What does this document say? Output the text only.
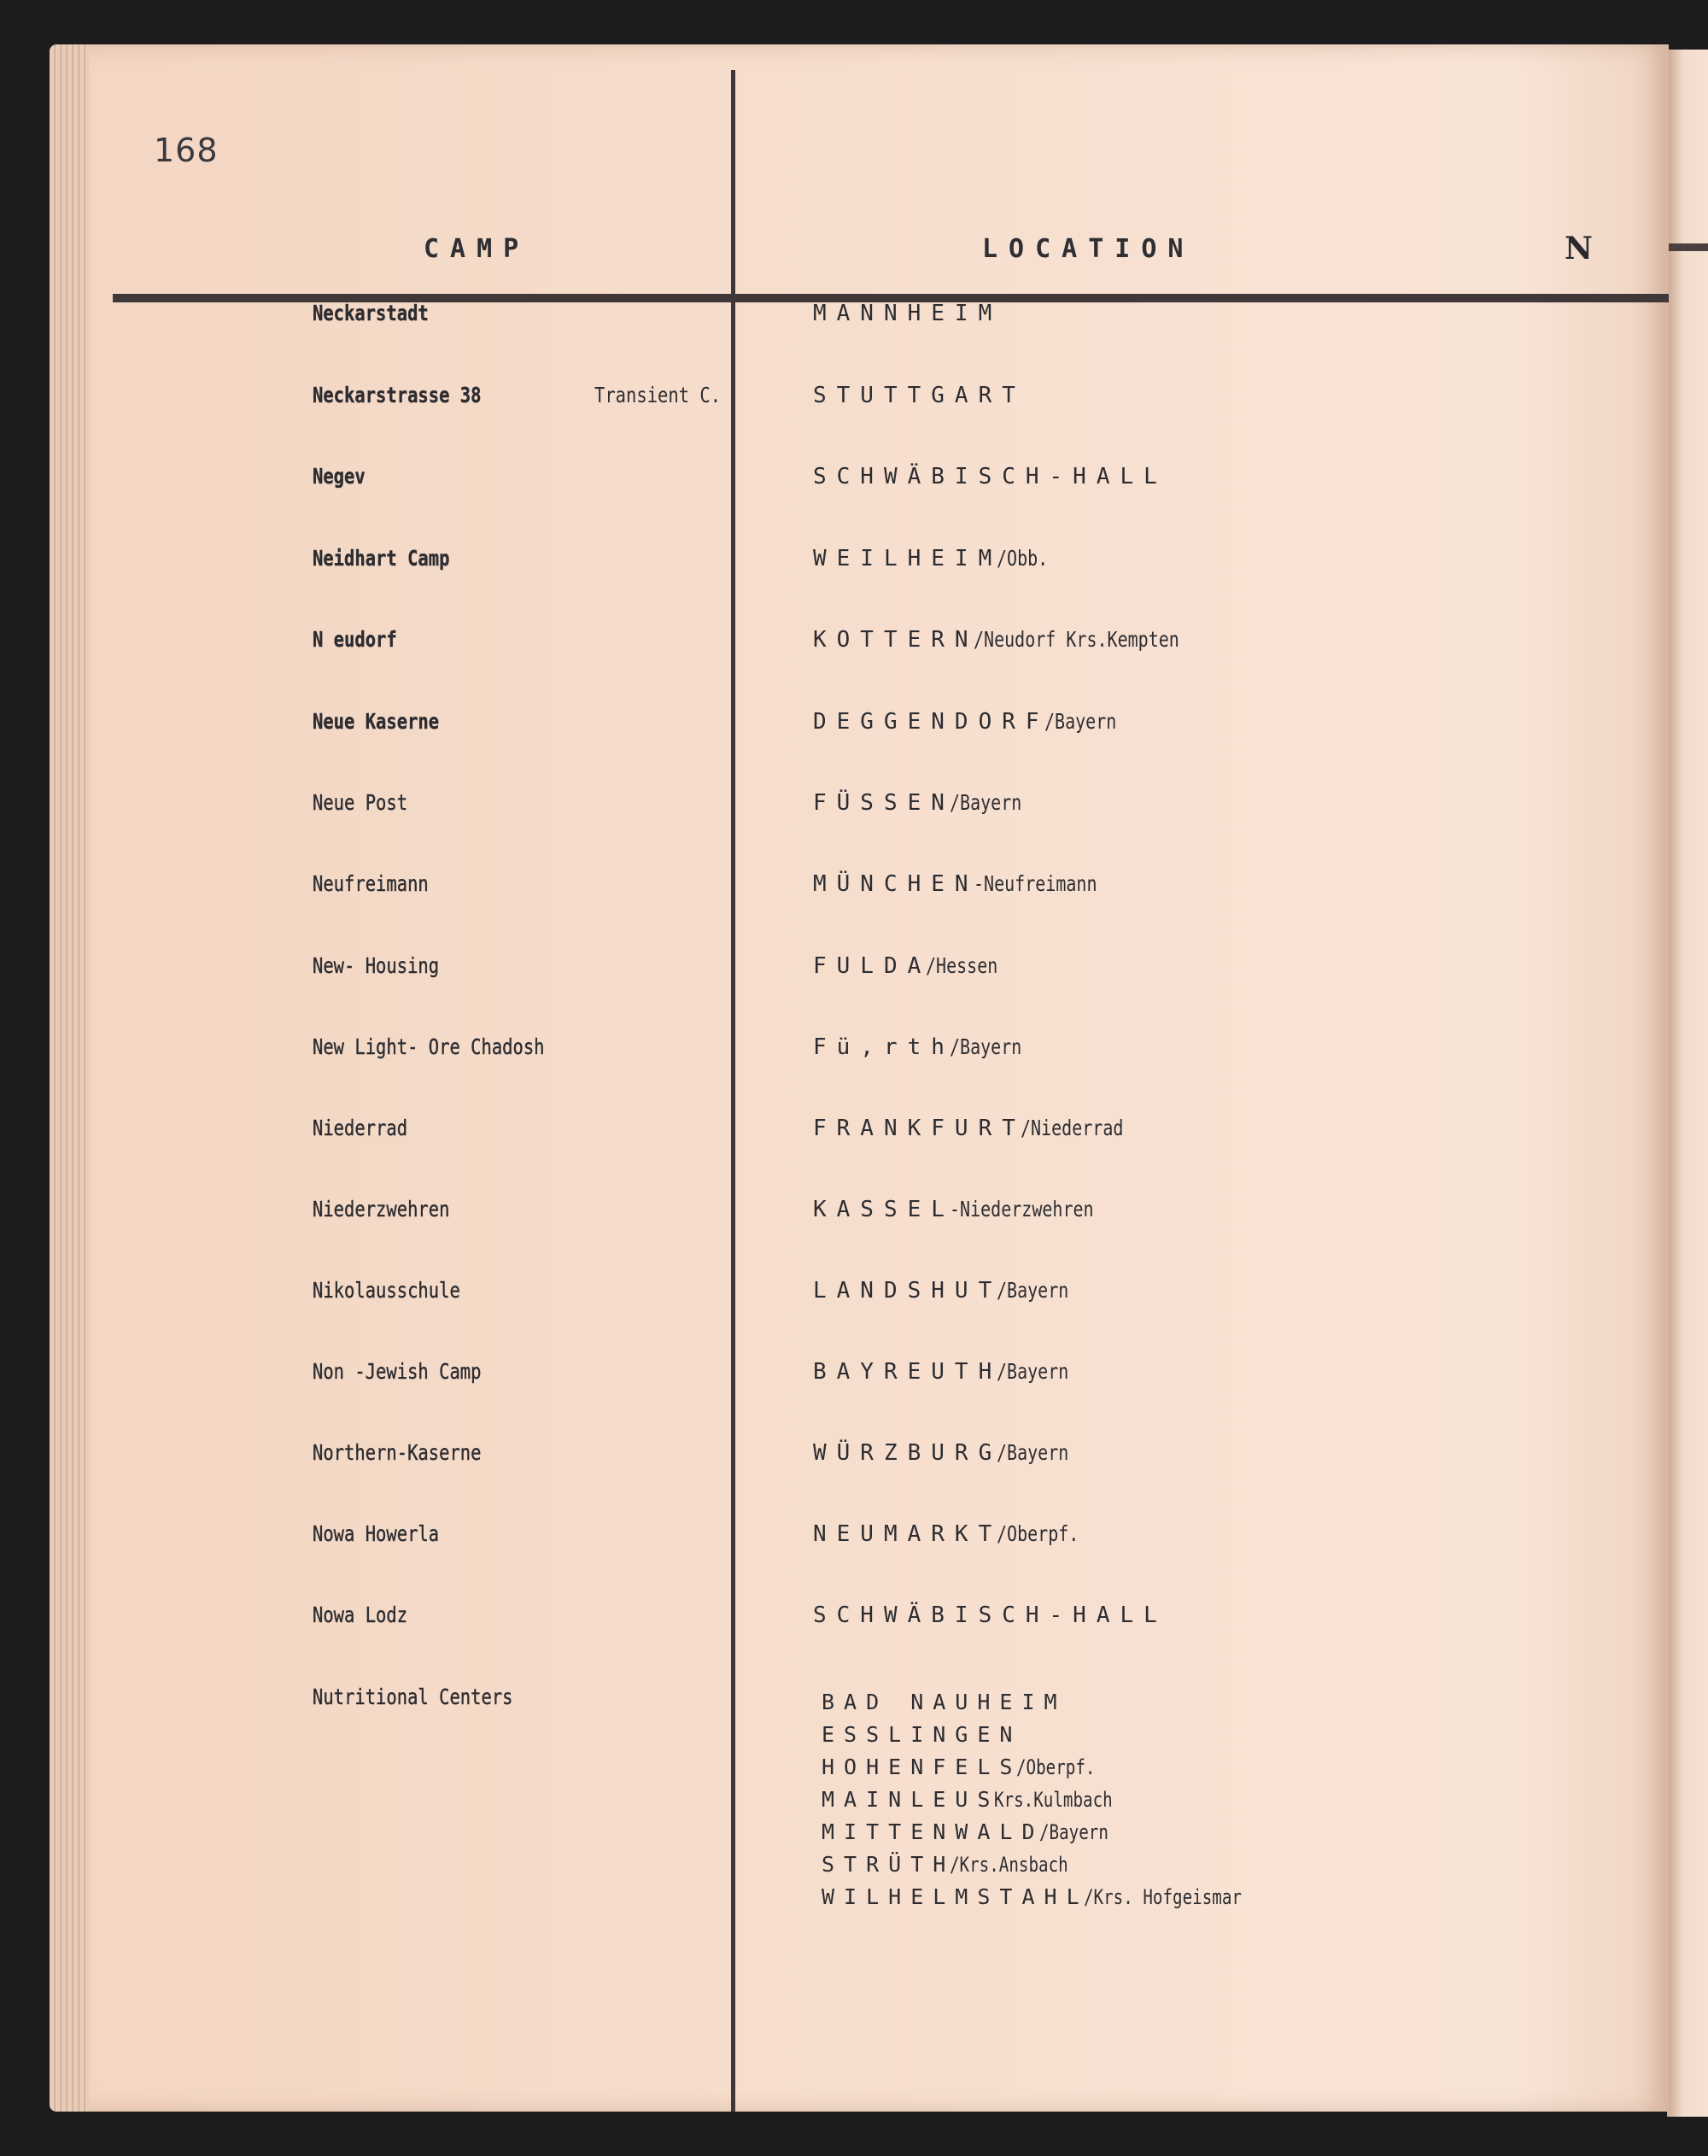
168
CAMP	LOCATION	N
Neckarstadt	MANNHEIM
Neckarstrasse 38	Transient C.	STUTTGART
Negev	SCHWÄBISCH-HALL
Neidhart Camp	WEILHEIM/Obb.
N eudorf	KOTTERN/Neudorf Krs.Kempten
Neue Kaserne	DEGGENDORF/Bayern
Neue Post	FÜSSEN/Bayern
Neufreimann	MÜNCHEN-Neufreimann
New- Housing	FULDA/Hessen
New Light- Ore Chadosh	Fü,rth/Bayern
Niederrad	FRANKFURT/Niederrad
Niederzwehren	KASSEL-Niederzwehren
Nikolausschule	LANDSHUT/Bayern
Non -Jewish Camp	BAYREUTH/Bayern
Northern-Kaserne	WÜRZBURG/Bayern
Nowa Howerla	NEUMARKT/Oberpf.
Nowa Lodz	SCHWÄBISCH-HALL
Nutritional Centers	BAD NAUHEIM
ESSLINGEN
HOHENFELS/Oberpf.
MAINLEUSKrs.Kulmbach
MITTENWALD/Bayern
STRÜTH/Krs.Ansbach
WILHELMSTAHL/Krs. Hofgeismar
